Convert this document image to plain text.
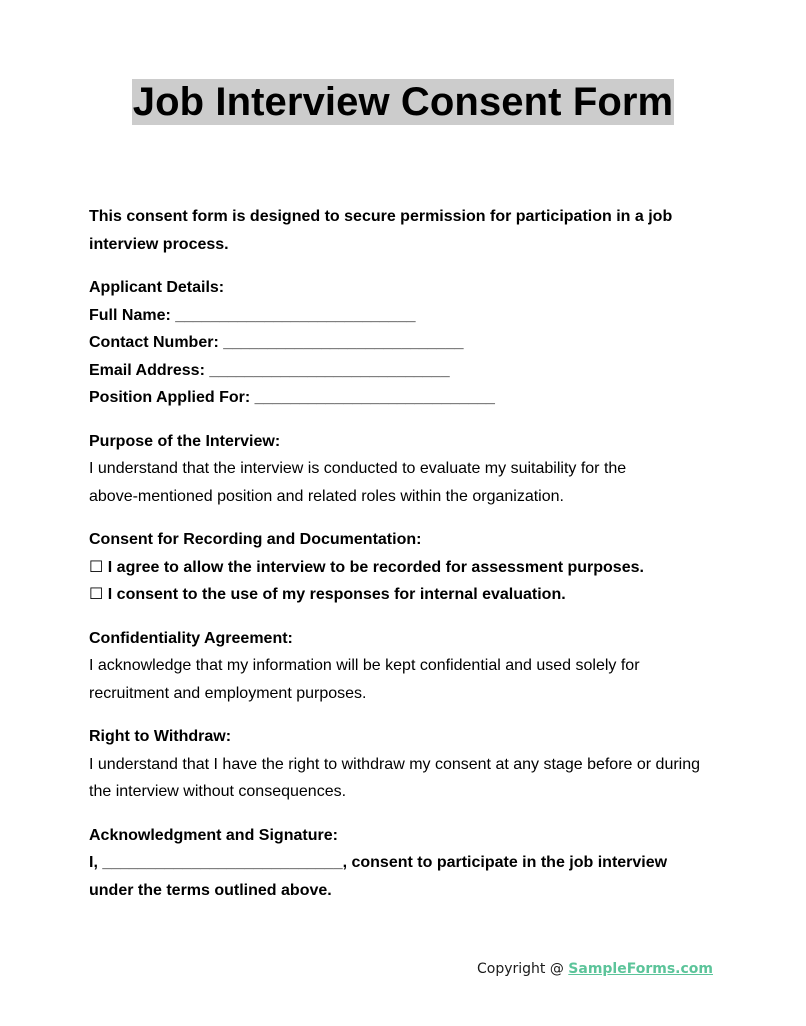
Job Interview Consent Form

This consent form is designed to secure permission for participation in a job
interview process.

Applicant Details:
Full Name: ___________________________
Contact Number: ___________________________
Email Address: ___________________________
Position Applied For: ___________________________

Purpose of the Interview:
I understand that the interview is conducted to evaluate my suitability for the
above-mentioned position and related roles within the organization.

Consent for Recording and Documentation:
☐ I agree to allow the interview to be recorded for assessment purposes.
☐ I consent to the use of my responses for internal evaluation.

Confidentiality Agreement:
I acknowledge that my information will be kept confidential and used solely for
recruitment and employment purposes.

Right to Withdraw:
I understand that I have the right to withdraw my consent at any stage before or during
the interview without consequences.

Acknowledgment and Signature:
I, ___________________________, consent to participate in the job interview
under the terms outlined above.

Copyright @ SampleForms.com
